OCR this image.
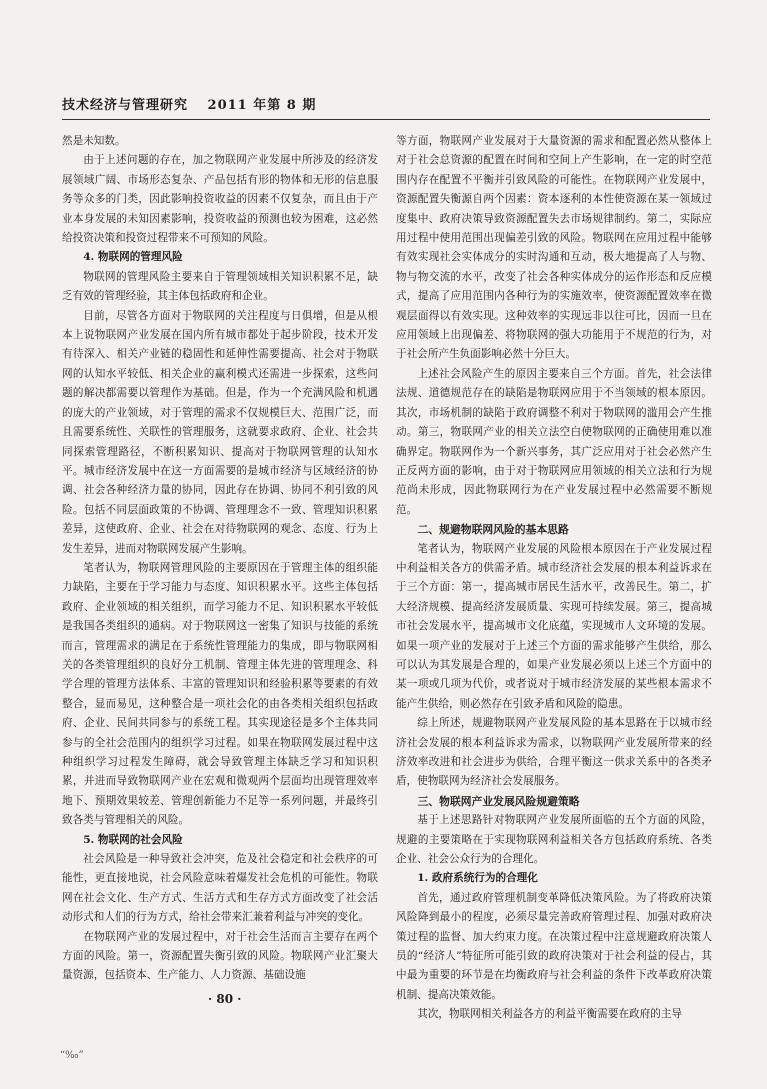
技术经济与管理研究 2011 年第 8 期

然是未知数。

由于上述问题的存在，加之物联网产业发展中所涉及的经济发展领域广阔、市场形态复杂、产品包括有形的物体和无形的信息服务等众多的门类，因此影响投资收益的因素不仅复杂，而且由于产业本身发展的未知因素影响，投资收益的预测也较为困难，这必然给投资决策和投资过程带来不可预知的风险。

4. 物联网的管理风险

物联网的管理风险主要来自于管理领域相关知识积累不足，缺乏有效的管理经验，其主体包括政府和企业。

目前，尽管各方面对于物联网的关注程度与日俱增，但是从根本上说物联网产业发展在国内所有城市都处于起步阶段，技术开发有待深入、相关产业链的稳固性和延伸性需要提高、社会对于物联网的认知水平较低、相关企业的赢利模式还需进一步探索，这些问题的解决都需要以管理作为基础。但是，作为一个充满风险和机遇的庞大的产业领域，对于管理的需求不仅规模巨大、范围广泛，而且需要系统性、关联性的管理服务，这就要求政府、企业、社会共同探索管理路径，不断积累知识、提高对于物联网管理的认知水平。城市经济发展中在这一方面需要的是城市经济与区域经济的协调、社会各种经济力量的协同，因此存在协调、协同不利引致的风险。包括不同层面政策的不协调、管理理念不一致、管理知识积累差异，这使政府、企业、社会在对待物联网的观念、态度、行为上发生差异，进而对物联网发展产生影响。

笔者认为，物联网管理风险的主要原因在于管理主体的组织能力缺陷，主要在于学习能力与态度、知识积累水平。这些主体包括政府、企业领域的相关组织，而学习能力不足、知识积累水平较低是我国各类组织的通病。对于物联网这一密集了知识与技能的系统而言，管理需求的满足在于系统性管理能力的集成，即与物联网相关的各类管理组织的良好分工机制、管理主体先进的管理理念、科学合理的管理方法体系、丰富的管理知识和经验积累等要素的有效整合，显而易见，这种整合是一项社会化的由各类相关组织包括政府、企业、民间共同参与的系统工程。其实现途径是多个主体共同参与的全社会范围内的组织学习过程。如果在物联网发展过程中这种组织学习过程发生障碍，就会导致管理主体缺乏学习和知识积累，并进而导致物联网产业在宏观和微观两个层面均出现管理效率地下、预期效果较差、管理创新能力不足等一系列问题，并最终引致各类与管理相关的风险。

5. 物联网的社会风险

社会风险是一种导致社会冲突，危及社会稳定和社会秩序的可能性，更直接地说，社会风险意味着爆发社会危机的可能性。物联网在社会文化、生产方式、生活方式和生存方式方面改变了社会活动形式和人们的行为方式，给社会带来汇兼着利益与冲突的变化。

在物联网产业的发展过程中，对于社会生活而言主要存在两个方面的风险。第一，资源配置失衡引致的风险。物联网产业汇聚大量资源，包括资本、生产能力、人力资源、基础设施

等方面，物联网产业发展对于大量资源的需求和配置必然从整体上对于社会总资源的配置在时间和空间上产生影响，在一定的时空范围内存在配置不平衡并引致风险的可能性。在物联网产业发展中，资源配置失衡源自两个因素：资本逐利的本性使资源在某一领域过度集中、政府决策导致资源配置失去市场规律制约。第二，实际应用过程中使用范围出现偏差引致的风险。物联网在应用过程中能够有效实现社会实体成分的实时沟通和互动，极大地提高了人与物、物与物交流的水平，改变了社会各种实体成分的运作形态和反应模式，提高了应用范围内各种行为的实施效率，使资源配置效率在微观层面得以有效实现。这种效率的实现远非以往可比，因而一旦在应用领域上出现偏差、将物联网的强大功能用于不规范的行为，对于社会所产生负面影响必然十分巨大。

上述社会风险产生的原因主要来自三个方面。首先，社会法律法规、道德规范存在的缺陷是物联网应用于不当领域的根本原因。其次，市场机制的缺陷于政府调整不利对于物联网的滥用会产生推动。第三，物联网产业的相关立法空白使物联网的正确使用难以准确界定。物联网作为一个新兴事务，其广泛应用对于社会必然产生正反两方面的影响，由于对于物联网应用领域的相关立法和行为规范尚未形成，因此物联网行为在产业发展过程中必然需要不断规范。

二、规避物联网风险的基本思路

笔者认为，物联网产业发展的风险根本原因在于产业发展过程中利益相关各方的供需矛盾。城市经济社会发展的根本利益诉求在于三个方面：第一，提高城市居民生活水平，改善民生。第二，扩大经济规模、提高经济发展质量、实现可持续发展。第三，提高城市社会发展水平，提高城市文化底蕴，实现城市人文环境的发展。如果一项产业的发展对于上述三个方面的需求能够产生供给，那么可以认为其发展是合理的，如果产业发展必须以上述三个方面中的某一项或几项为代价，或者说对于城市经济发展的某些根本需求不能产生供给，则必然存在引致矛盾和风险的隐患。

综上所述，规避物联网产业发展风险的基本思路在于以城市经济社会发展的根本利益诉求为需求，以物联网产业发展所带来的经济效率改进和社会进步为供给，合理平衡这一供求关系中的各类矛盾，使物联网为经济社会发展服务。

三、物联网产业发展风险规避策略

基于上述思路针对物联网产业发展所面临的五个方面的风险，规避的主要策略在于实现物联网利益相关各方包括政府系统、各类企业、社会公众行为的合理化。

1. 政府系统行为的合理化

首先，通过政府管理机制变革降低决策风险。为了将政府决策风险降到最小的程度，必须尽量完善政府管理过程、加强对政府决策过程的监督、加大约束力度。在决策过程中注意规避政府决策人员的“经济人”特征所可能引致的政府决策对于社会利益的侵占，其中最为重要的环节是在均衡政府与社会利益的条件下改革政府决策机制、提高决策效能。

其次，物联网相关利益各方的利益平衡需要在政府的主导

· 80 ·
“‰”
